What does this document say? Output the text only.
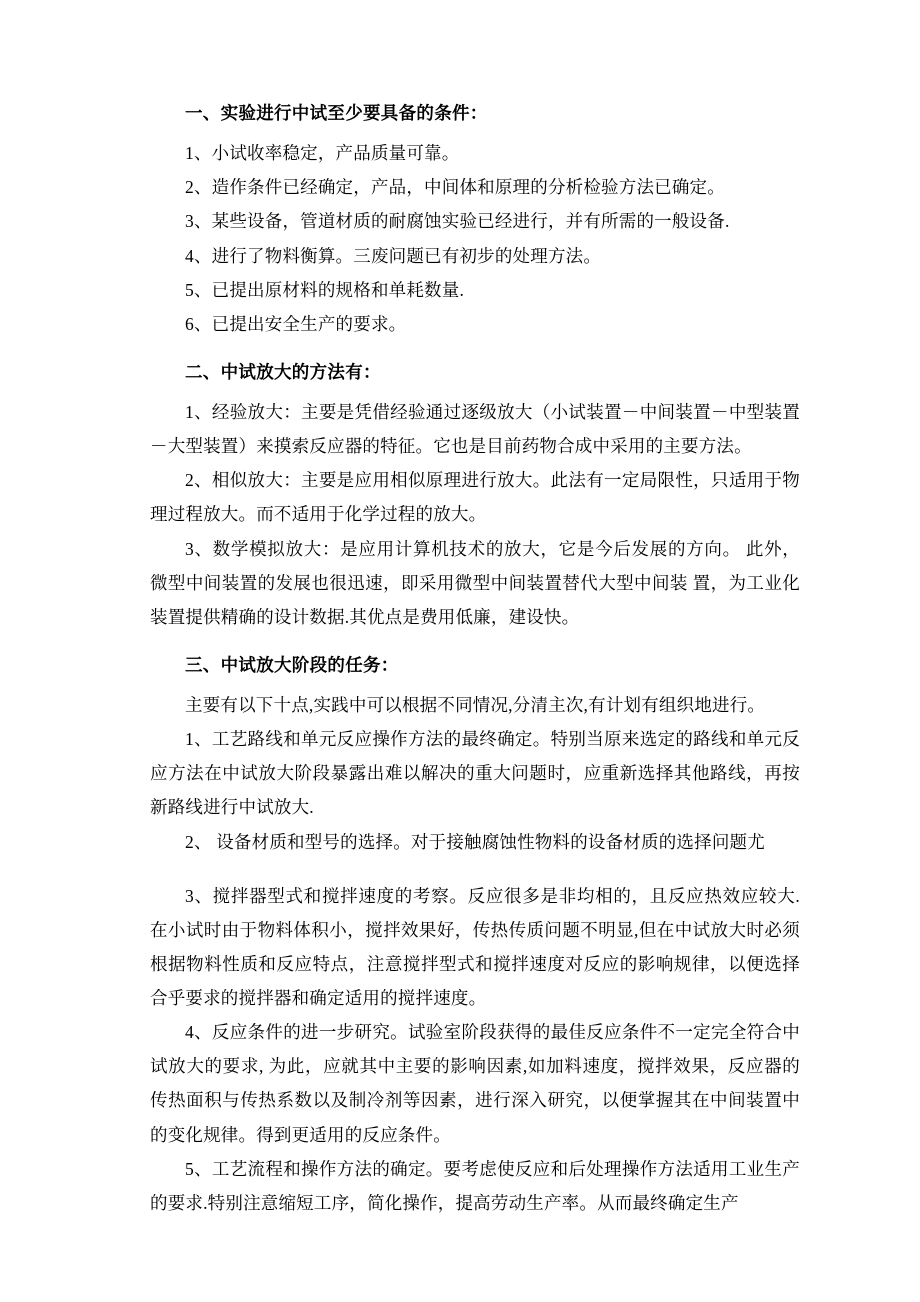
一、实验进行中试至少要具备的条件：

1、小试收率稳定，产品质量可靠。

2、造作条件已经确定，产品，中间体和原理的分析检验方法已确定。

3、某些设备，管道材质的耐腐蚀实验已经进行，并有所需的一般设备.

4、进行了物料衡算。三废问题已有初步的处理方法。

5、已提出原材料的规格和单耗数量.

6、已提出安全生产的要求。

二、中试放大的方法有：

1、经验放大：主要是凭借经验通过逐级放大（小试装置－中间装置－中型装置－大型装置）来摸索反应器的特征。它也是目前药物合成中采用的主要方法。

2、相似放大：主要是应用相似原理进行放大。此法有一定局限性，只适用于物理过程放大。而不适用于化学过程的放大。

3、数学模拟放大：是应用计算机技术的放大，它是今后发展的方向。 此外，微型中间装置的发展也很迅速，即采用微型中间装置替代大型中间装 置，为工业化装置提供精确的设计数据.其优点是费用低廉，建设快。

三、中试放大阶段的任务：

主要有以下十点,实践中可以根据不同情况,分清主次,有计划有组织地进行。

1、工艺路线和单元反应操作方法的最终确定。特别当原来选定的路线和单元反应方法在中试放大阶段暴露出难以解决的重大问题时，应重新选择其他路线，再按新路线进行中试放大.

2、 设备材质和型号的选择。对于接触腐蚀性物料的设备材质的选择问题尤

3、搅拌器型式和搅拌速度的考察。反应很多是非均相的，且反应热效应较大.在小试时由于物料体积小，搅拌效果好，传热传质问题不明显,但在中试放大时必须根据物料性质和反应特点，注意搅拌型式和搅拌速度对反应的影响规律，以便选择合乎要求的搅拌器和确定适用的搅拌速度。

4、反应条件的进一步研究。试验室阶段获得的最佳反应条件不一定完全符合中试放大的要求, 为此，应就其中主要的影响因素,如加料速度，搅拌效果，反应器的传热面积与传热系数以及制冷剂等因素，进行深入研究，以便掌握其在中间装置中的变化规律。得到更适用的反应条件。

5、工艺流程和操作方法的确定。要考虑使反应和后处理操作方法适用工业生产的要求.特别注意缩短工序，简化操作，提高劳动生产率。从而最终确定生产
